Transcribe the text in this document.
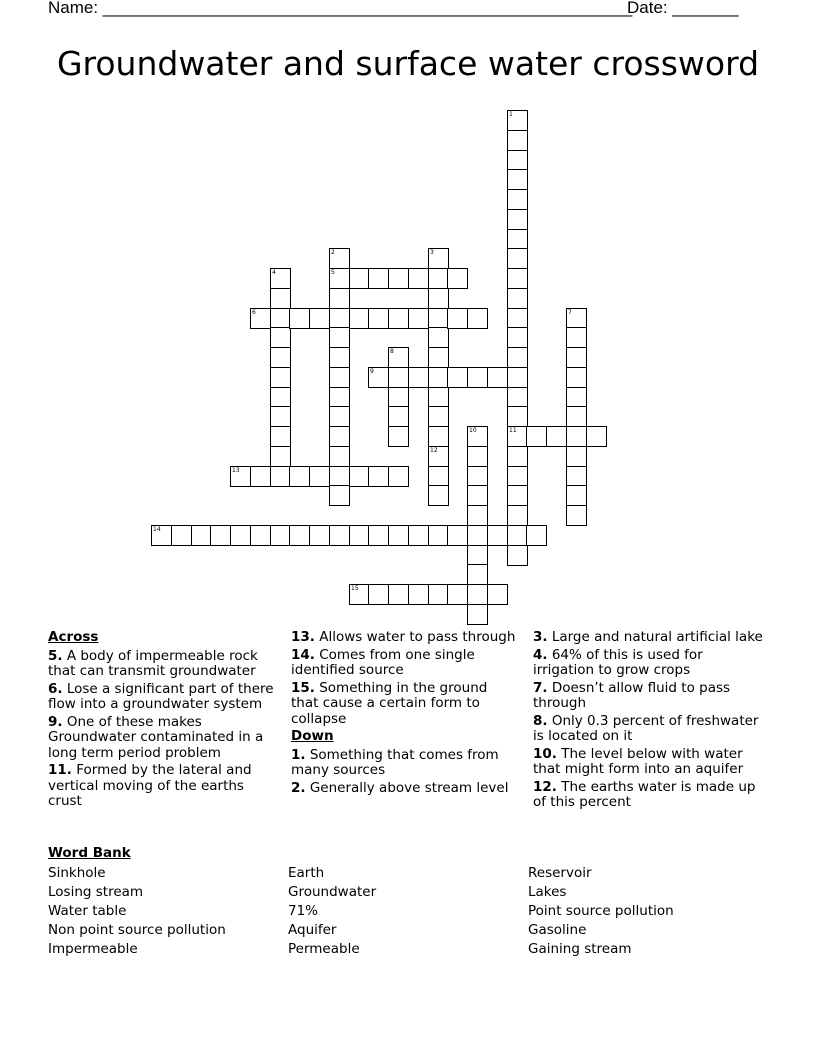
Name: ________________________________________________________
Date: _______
Groundwater and surface water crossword
1
11
2
5
3
4
6	7
8
9
10
12
13
14
15
Across
5. A body of impermeable rock that can transmit groundwater
6. Lose a significant part of there flow into a groundwater system
9. One of these makes Groundwater contaminated in a long term period problem
11. Formed by the lateral and vertical moving of the earths crust
13. Allows water to pass through
14. Comes from one single identified source
15. Something in the ground that cause a certain form to collapse
Down
1. Something that comes from many sources
2. Generally above stream level
3. Large and natural artificial lake
4. 64% of this is used for irrigation to grow crops
7. Doesn’t allow fluid to pass through
8. Only 0.3 percent of freshwater is located on it
10. The level below with water that might form into an aquifer
12. The earths water is made up of this percent
Word Bank
Sinkhole
Losing stream
Water table
Non point source pollution
Impermeable
Earth
Groundwater
71%
Aquifer
Permeable
Reservoir
Lakes
Point source pollution
Gasoline
Gaining stream
